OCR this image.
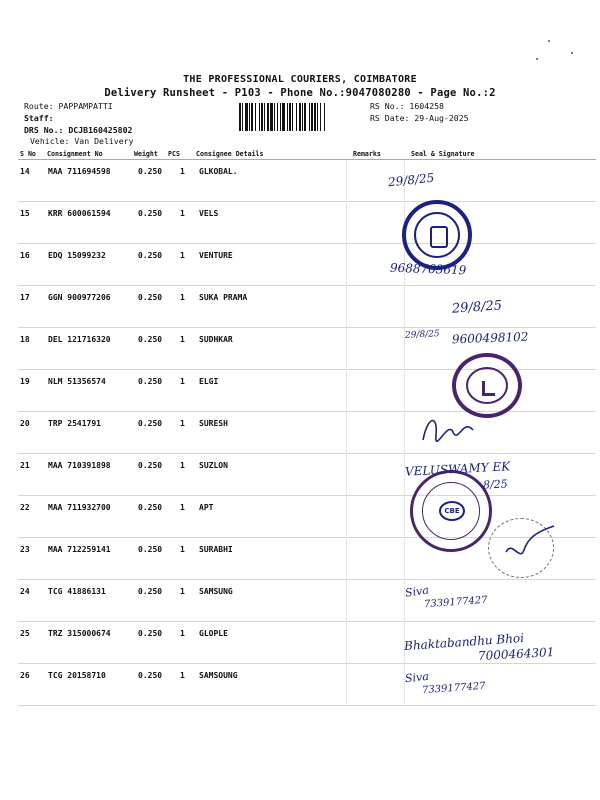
THE PROFESSIONAL COURIERS, COIMBATORE
Delivery Runsheet - P103 - Phone No.:9047080280 - Page No.:2
Route: PAPPAMPATTI
Staff:
DRS No.: DCJB160425802
Vehicle: Van Delivery
RS No.: 1604258
RS Date: 29-Aug-2025
S No Consignment No	Weight PCS Consignee Details	Remarks	Seal & Signature
14 MAA 711694598	0.250 1 GLKOBAL.
15 KRR 600061594	0.250 1 VELS
16 EDQ 15099232	0.250 1 VENTURE
17 GGN 900977206	0.250 1 SUKA PRAMA
18 DEL 121716320	0.250 1 SUDHKAR
19 NLM 51356574	0.250 1 ELGI
20 TRP 2541791	0.250 1 SURESH
21 MAA 710391898	0.250 1 SUZLON
22 MAA 711932700	0.250 1 APT
23 MAA 712259141	0.250 1 SURABHI
24 TCG 41886131	0.250 1 SAMSUNG
25 TRZ 315000674	0.250 1 GLOPLE
26 TCG 20158710	0.250 1 SAMSOUNG
CBE
29/8/25
9688763619
29/8/25
29/8/25 9600498102
VELUSWAMY EK
8/25
Siva
7339177427
Bhaktabandhu Bhoi
7000464301
Siva
7339177427
